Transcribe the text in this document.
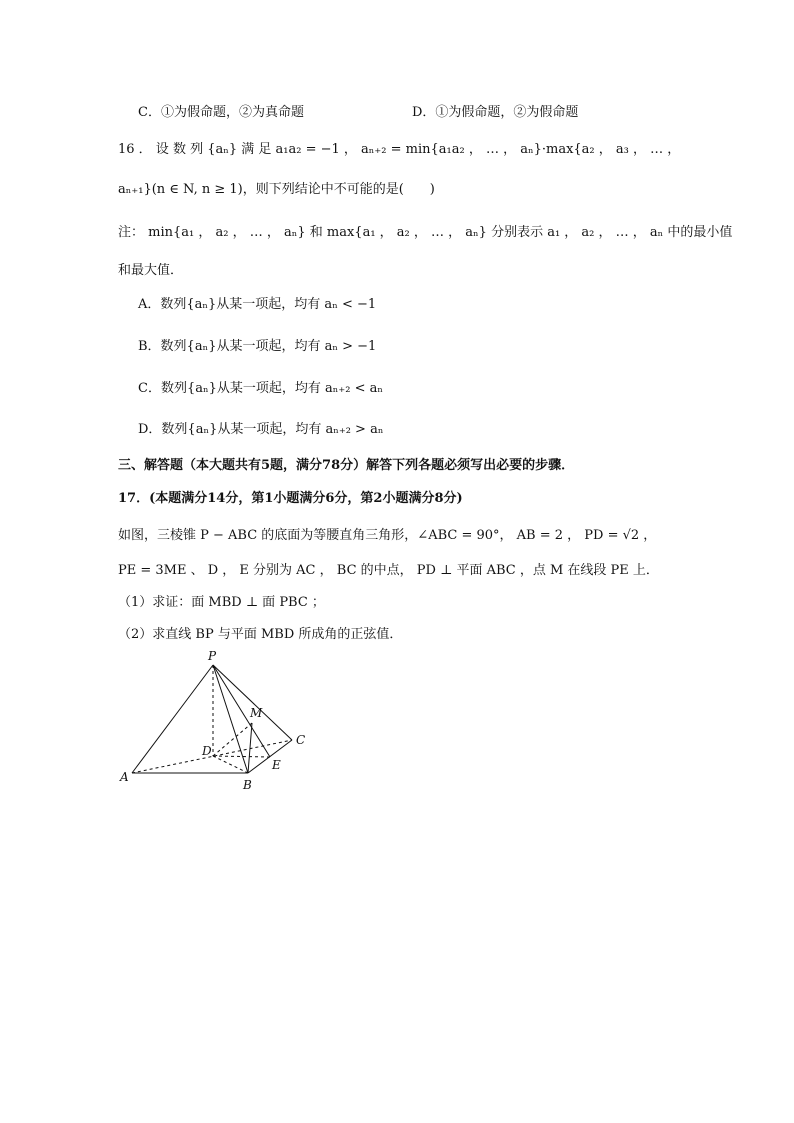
C．①为假命题，②为真命题	D．①为假命题，②为假命题
16 ． 设 数 列 {aₙ} 满 足 a₁a₂ = −1 ， aₙ₊₂ = min{a₁a₂ ， … ， aₙ}·max{a₂ ， a₃ ， … ，
aₙ₊₁}(n ∈ N, n ≥ 1)，则下列结论中不可能的是(　　)
注： min{a₁ ， a₂ ， … ， aₙ} 和 max{a₁ ， a₂ ， … ， aₙ} 分别表示 a₁ ， a₂ ， … ， aₙ 中的最小值
和最大值．
A．数列{aₙ}从某一项起，均有 aₙ < −1
B．数列{aₙ}从某一项起，均有 aₙ > −1
C．数列{aₙ}从某一项起，均有 aₙ₊₂ < aₙ
D．数列{aₙ}从某一项起，均有 aₙ₊₂ > aₙ
三、解答题（本大题共有5题，满分78分）解答下列各题必须写出必要的步骤．
17．(本题满分14分，第1小题满分6分，第2小题满分8分)
如图，三棱锥 P − ABC 的底面为等腰直角三角形，∠ABC = 90°， AB = 2 ， PD = √2 ，
PE = 3ME 、 D ， E 分别为 AC ， BC 的中点， PD ⊥ 平面 ABC ，点 M 在线段 PE 上．
（1）求证：面 MBD ⊥ 面 PBC ；
（2）求直线 BP 与平面 MBD 所成角的正弦值．
P
M
D
C
E
A
B
